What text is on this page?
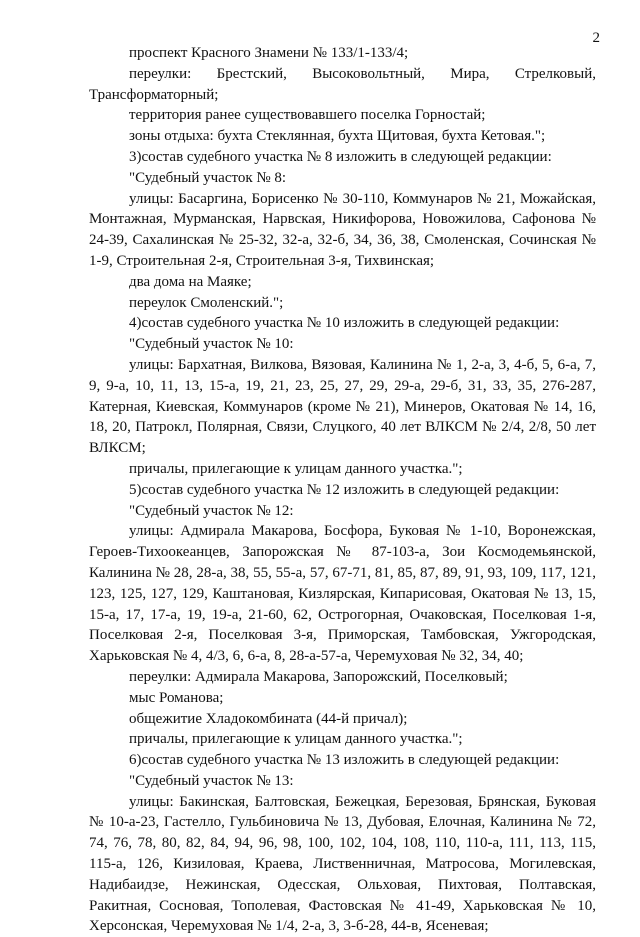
2

проспект Красного Знамени № 133/1-133/4;

переулки: Брестский, Высоковольтный, Мира, Стрелковый, Трансформаторный;

территория ранее существовавшего поселка Горностай;

зоны отдыха: бухта Стеклянная, бухта Щитовая, бухта Кетовая.";

3)состав судебного участка № 8 изложить в следующей редакции:

"Судебный участок № 8:

улицы: Басаргина, Борисенко № 30-110, Коммунаров № 21, Можайская, Монтажная, Мурманская, Нарвская, Никифорова, Новожилова, Сафонова № 24-39, Сахалинская № 25-32, 32-а, 32-б, 34, 36, 38, Смоленская, Сочинская № 1-9, Строительная 2-я, Строительная 3-я, Тихвинская;

два дома на Маяке;

переулок Смоленский.";

4)состав судебного участка № 10 изложить в следующей редакции:

"Судебный участок № 10:

улицы: Бархатная, Вилкова, Вязовая, Калинина № 1, 2-а, 3, 4-б, 5, 6-а, 7, 9, 9-а, 10, 11, 13, 15-а, 19, 21, 23, 25, 27, 29, 29-а, 29-б, 31, 33, 35, 276-287, Катерная, Киевская, Коммунаров (кроме № 21), Минеров, Окатовая № 14, 16, 18, 20, Патрокл, Полярная, Связи, Слуцкого, 40 лет ВЛКСМ № 2/4, 2/8, 50 лет ВЛКСМ;

причалы, прилегающие к улицам данного участка.";

5)состав судебного участка № 12 изложить в следующей редакции:

"Судебный участок № 12:

улицы: Адмирала Макарова, Босфора, Буковая № 1-10, Воронежская, Героев-Тихоокеанцев, Запорожская № 87-103-а, Зои Космодемьянской, Калинина № 28, 28-а, 38, 55, 55-а, 57, 67-71, 81, 85, 87, 89, 91, 93, 109, 117, 121, 123, 125, 127, 129, Каштановая, Кизлярская, Кипарисовая, Окатовая № 13, 15, 15-а, 17, 17-а, 19, 19-а, 21-60, 62, Острогорная, Очаковская, Поселковая 1-я, Поселковая 2-я, Поселковая 3-я, Приморская, Тамбовская, Ужгородская, Харьковская № 4, 4/3, 6, 6-а, 8, 28-а-57-а, Черемуховая № 32, 34, 40;

переулки: Адмирала Макарова, Запорожский, Поселковый;

мыс Романова;

общежитие Хладокомбината (44-й причал);

причалы, прилегающие к улицам данного участка.";

6)состав судебного участка № 13 изложить в следующей редакции:

"Судебный участок № 13:

улицы: Бакинская, Балтовская, Бежецкая, Березовая, Брянская, Буковая № 10-а-23, Гастелло, Гульбиновича № 13, Дубовая, Елочная, Калинина № 72, 74, 76, 78, 80, 82, 84, 94, 96, 98, 100, 102, 104, 108, 110, 110-а, 111, 113, 115, 115-а, 126, Кизиловая, Краева, Лиственничная, Матросова, Могилевская, Надибаидзе, Нежинская, Одесская, Ольховая, Пихтовая, Полтавская, Ракитная, Сосновая, Тополевая, Фастовская № 41-49, Харьковская № 10, Херсонская, Черемуховая № 1/4, 2-а, 3, 3-б-28, 44-в, Ясеневая;
